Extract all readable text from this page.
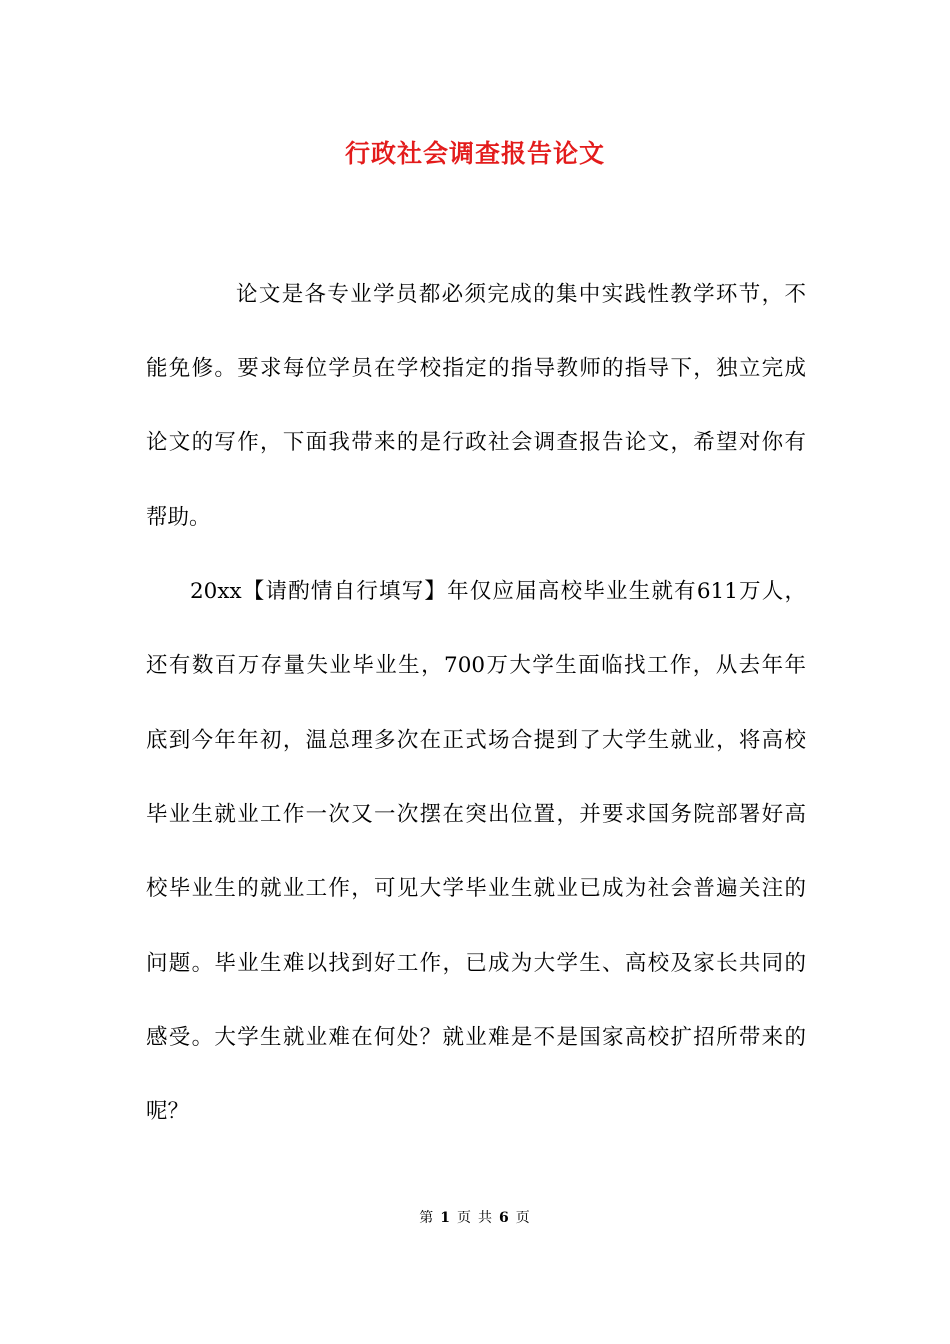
行政社会调查报告论文
论文是各专业学员都必须完成的集中实践性教学环节，不
能免修。要求每位学员在学校指定的指导教师的指导下，独立完成
论文的写作，下面我带来的是行政社会调查报告论文，希望对你有
帮助。
20xx【请酌情自行填写】年仅应届高校毕业生就有611万人，
还有数百万存量失业毕业生，700万大学生面临找工作，从去年年
底到今年年初，温总理多次在正式场合提到了大学生就业，将高校
毕业生就业工作一次又一次摆在突出位置，并要求国务院部署好高
校毕业生的就业工作，可见大学毕业生就业已成为社会普遍关注的
问题。毕业生难以找到好工作，已成为大学生、高校及家长共同的
感受。大学生就业难在何处？就业难是不是国家高校扩招所带来的
呢？
第 1 页 共 6 页
